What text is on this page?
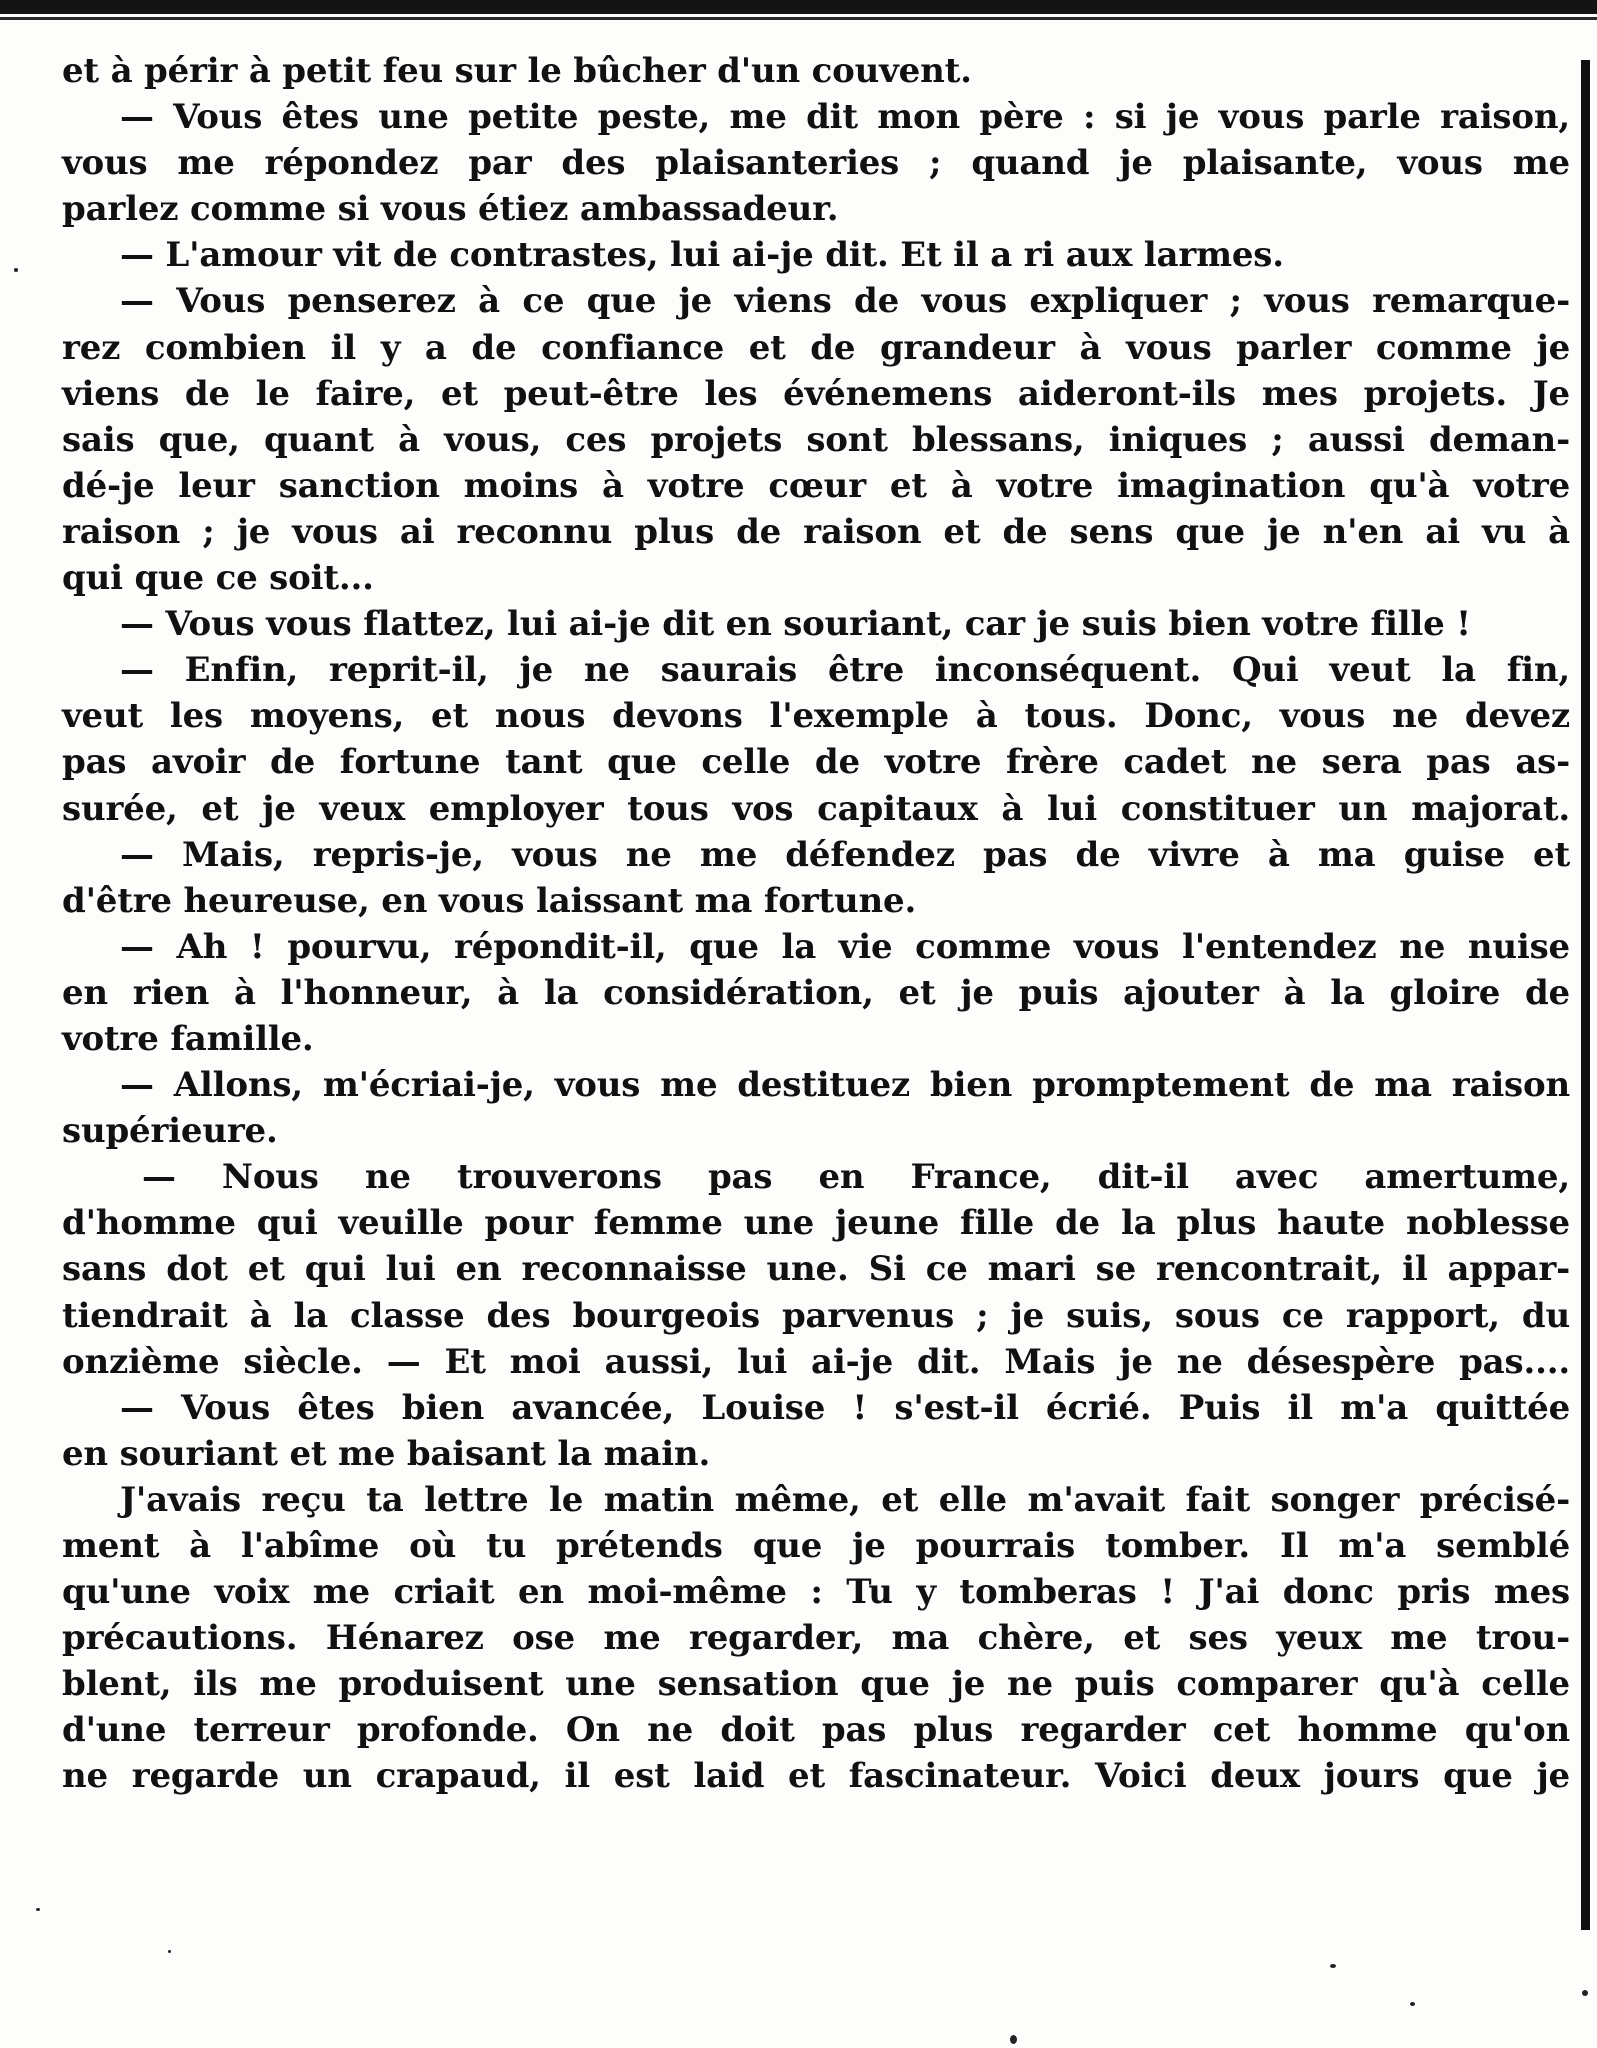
et à périr à petit feu sur le bûcher d'un couvent.
— Vous êtes une petite peste, me dit mon père : si je vous parle raison,
vous me répondez par des plaisanteries ; quand je plaisante, vous me
parlez comme si vous étiez ambassadeur.
— L'amour vit de contrastes, lui ai-je dit. Et il a ri aux larmes.
— Vous penserez à ce que je viens de vous expliquer ; vous remarque-
rez combien il y a de confiance et de grandeur à vous parler comme je
viens de le faire, et peut-être les événemens aideront-ils mes projets. Je
sais que, quant à vous, ces projets sont blessans, iniques ; aussi deman-
dé-je leur sanction moins à votre cœur et à votre imagination qu'à votre
raison ; je vous ai reconnu plus de raison et de sens que je n'en ai vu à
qui que ce soit...
— Vous vous flattez, lui ai-je dit en souriant, car je suis bien votre fille !
— Enfin, reprit-il, je ne saurais être inconséquent. Qui veut la fin,
veut les moyens, et nous devons l'exemple à tous. Donc, vous ne devez
pas avoir de fortune tant que celle de votre frère cadet ne sera pas as-
surée, et je veux employer tous vos capitaux à lui constituer un majorat.
— Mais, repris-je, vous ne me défendez pas de vivre à ma guise et
d'être heureuse, en vous laissant ma fortune.
— Ah ! pourvu, répondit-il, que la vie comme vous l'entendez ne nuise
en rien à l'honneur, à la considération, et je puis ajouter à la gloire de
votre famille.
— Allons, m'écriai-je, vous me destituez bien promptement de ma raison
supérieure.
— Nous ne trouverons pas en France, dit-il avec amertume,
d'homme qui veuille pour femme une jeune fille de la plus haute noblesse
sans dot et qui lui en reconnaisse une. Si ce mari se rencontrait, il appar-
tiendrait à la classe des bourgeois parvenus ; je suis, sous ce rapport, du
onzième siècle. — Et moi aussi, lui ai-je dit. Mais je ne désespère pas....
— Vous êtes bien avancée, Louise ! s'est-il écrié. Puis il m'a quittée
en souriant et me baisant la main.
J'avais reçu ta lettre le matin même, et elle m'avait fait songer précisé-
ment à l'abîme où tu prétends que je pourrais tomber. Il m'a semblé
qu'une voix me criait en moi-même : Tu y tomberas ! J'ai donc pris mes
précautions. Hénarez ose me regarder, ma chère, et ses yeux me trou-
blent, ils me produisent une sensation que je ne puis comparer qu'à celle
d'une terreur profonde. On ne doit pas plus regarder cet homme qu'on
ne regarde un crapaud, il est laid et fascinateur. Voici deux jours que je
